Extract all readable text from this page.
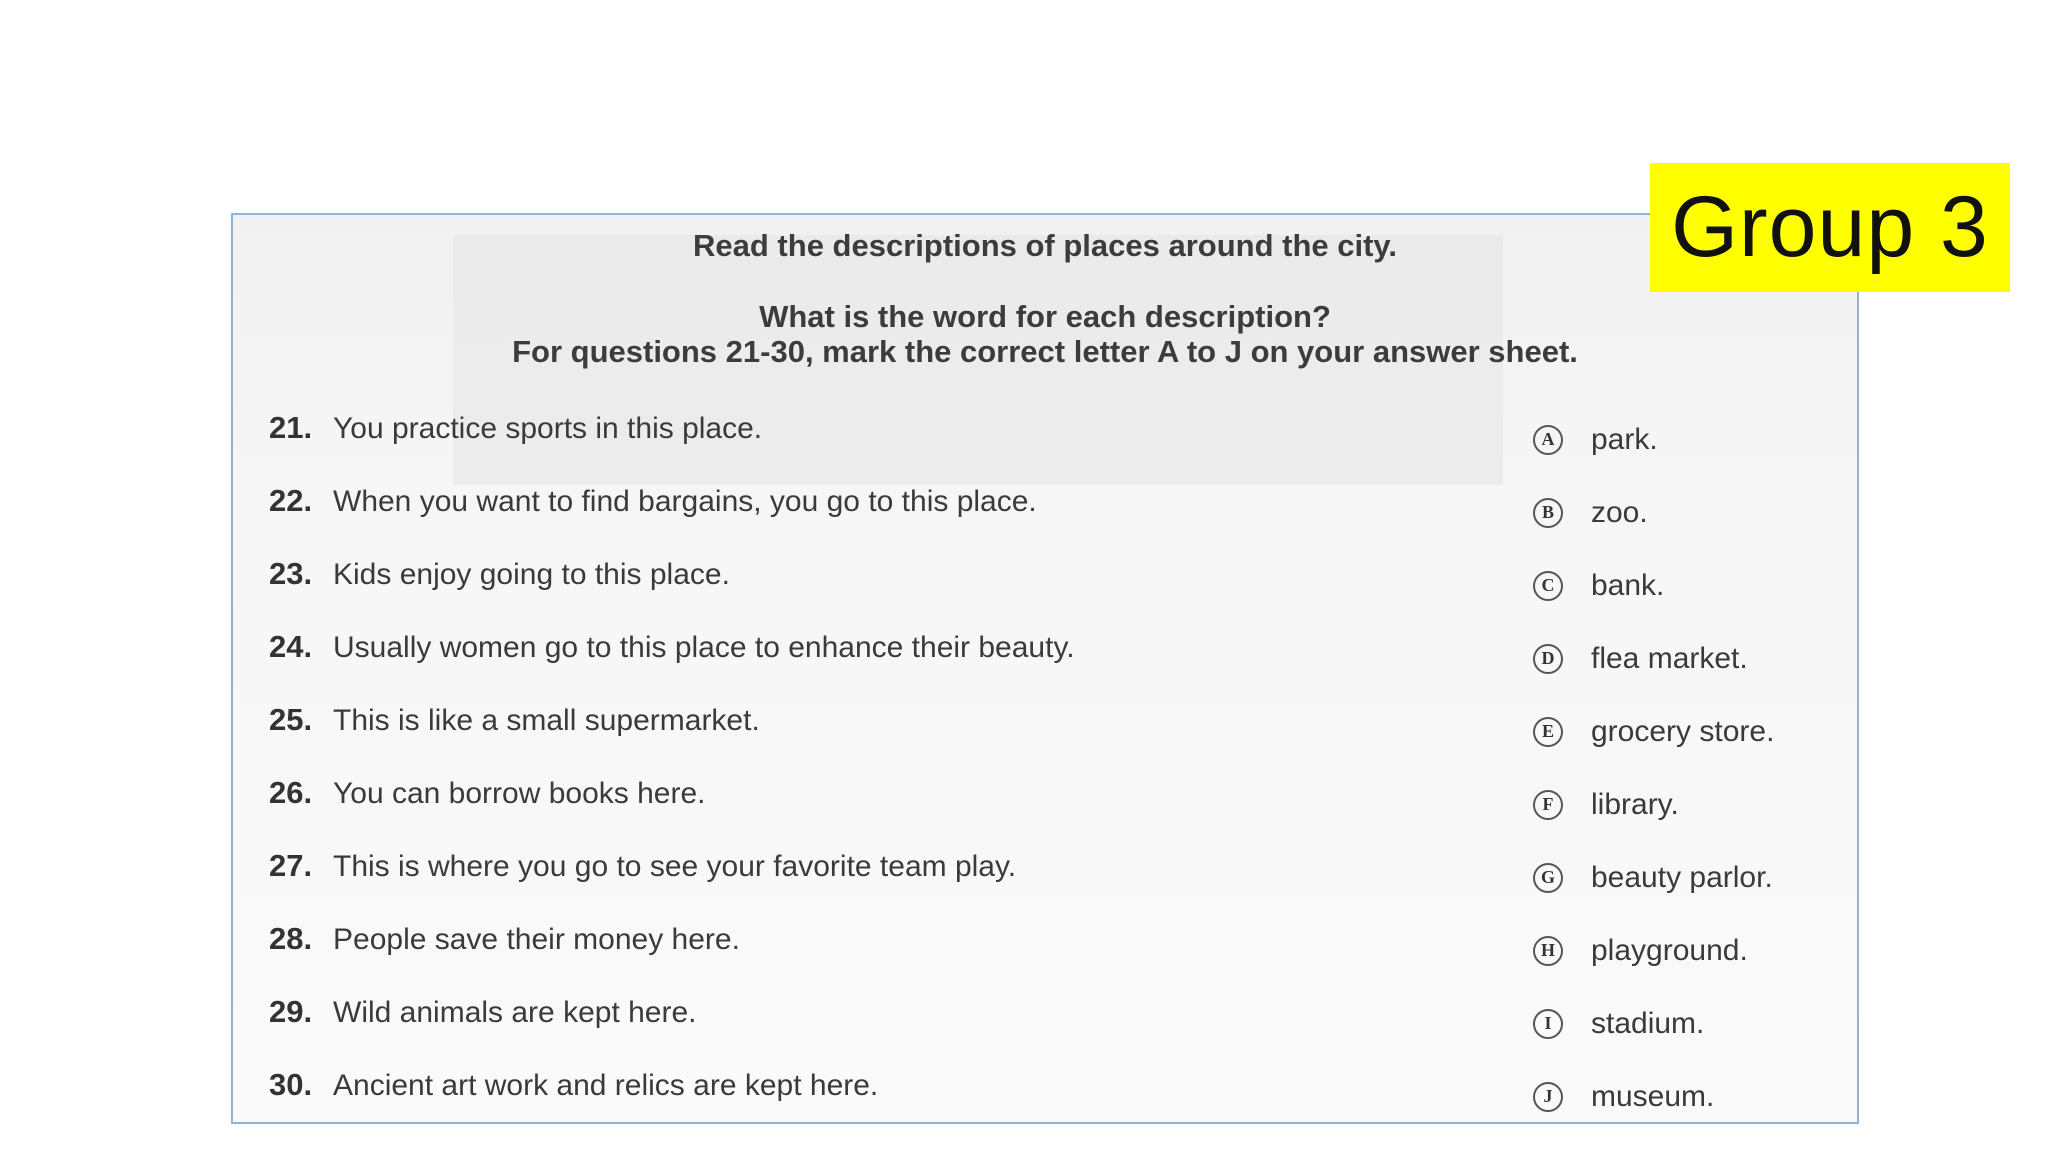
Read the descriptions of places around the city.
What is the word for each description?
For questions 21-30, mark the correct letter A to J on your answer sheet.
21. You practice sports in this place.
22. When you want to find bargains, you go to this place.
23. Kids enjoy going to this place.
24. Usually women go to this place to enhance their beauty.
25. This is like a small supermarket.
26. You can borrow books here.
27. This is where you go to see your favorite team play.
28. People save their money here.
29. Wild animals are kept here.
30. Ancient art work and relics are kept here.
A park.
B	zoo.
C bank.
D flea market.
E	grocery store.
F	library.
G beauty parlor.
H playground.
I	stadium.
J	museum.
Group 3
